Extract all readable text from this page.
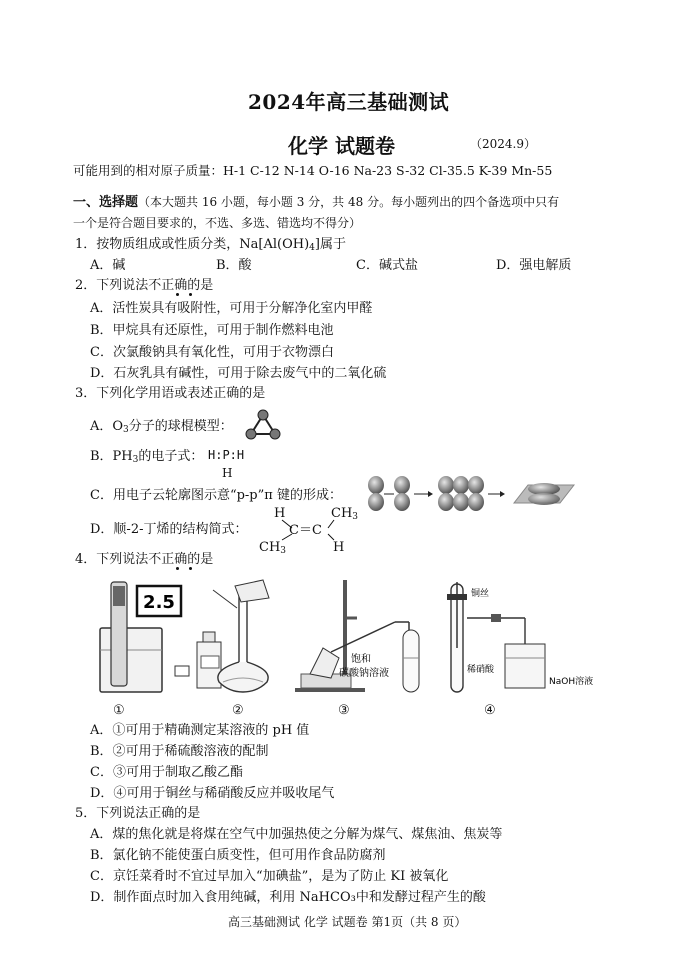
2024年高三基础测试
化学 试题卷	（2024.9）
可能用到的相对原子质量：H-1 C-12 N-14 O-16 Na-23 S-32 Cl-35.5 K-39 Mn-55
一、选择题（本大题共 16 小题，每小题 3 分，共 48 分。每小题列出的四个备选项中只有
一个是符合题目要求的，不选、多选、错选均不得分）
1．按物质组成或性质分类，$Na[Al(OH)_4]$属于
A．碱	B．酸	C．碱式盐	D．强电解质
2．下列说法不正确的是
A．活性炭具有吸附性，可用于分解净化室内甲醛
B．甲烷具有还原性，可用于制作燃料电池
C．次氯酸钠具有氧化性，可用于衣物漂白
D．石灰乳具有碱性，可用于除去废气中的二氧化硫
3．下列化学用语或表述正确的是
A．$O_3$分子的球棍模型：
B．$PH_3$的电子式： H:P:H
H
C．用电子云轮廓图示意“p-p”π 键的形成：
D．顺-2-丁烯的结构简式：
H	$CH_3$
C＝C
$CH_3$	H
4．下列说法不正确的是
2.5
饱和
碳酸钠溶液
铜丝
稀硝酸
NaOH溶液
①	②	③	④
A．①可用于精确测定某溶液的 pH 值
B．②可用于稀硫酸溶液的配制
C．③可用于制取乙酸乙酯
D．④可用于铜丝与稀硝酸反应并吸收尾气
5．下列说法正确的是
A．煤的焦化就是将煤在空气中加强热使之分解为煤气、煤焦油、焦炭等
B．氯化钠不能使蛋白质变性，但可用作食品防腐剂
C．京饪菜肴时不宜过早加入“加碘盐”，是为了防止 KI 被氧化
D．制作面点时加入食用纯碱，利用 NaHCO₃中和发酵过程产生的酸
高三基础测试 化学 试题卷 第1页（共 8 页）
